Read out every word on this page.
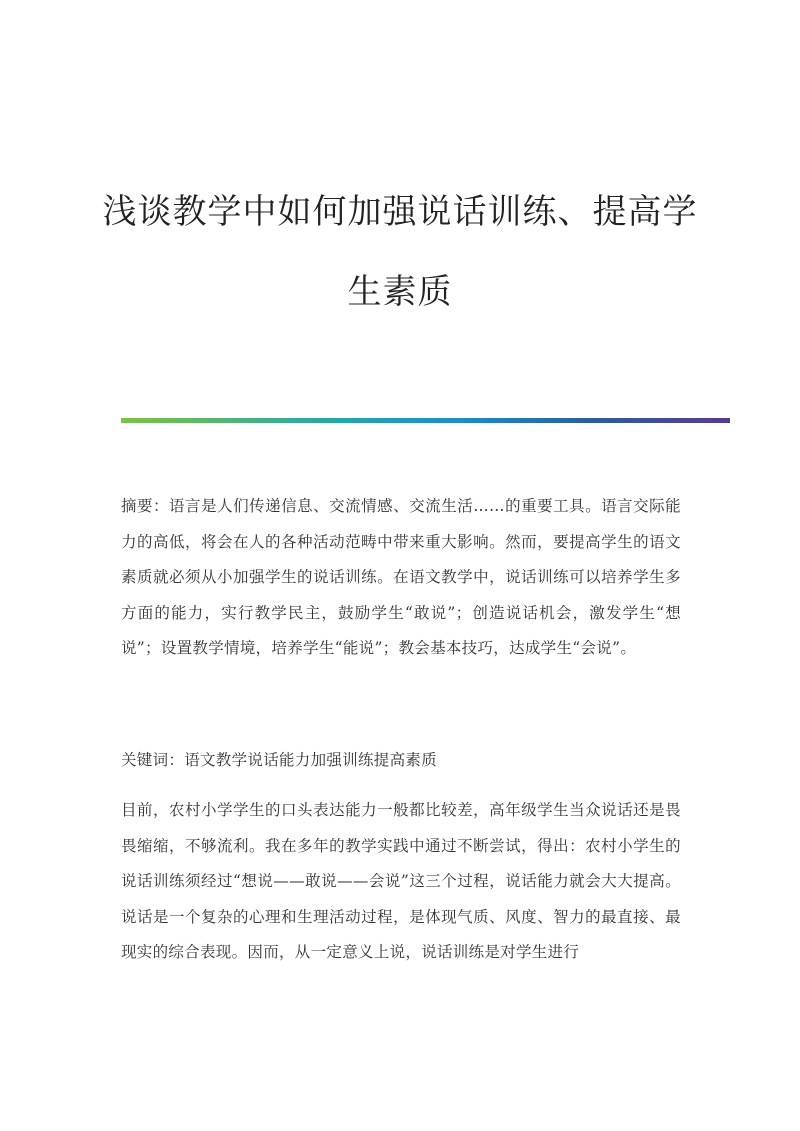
浅谈教学中如何加强说话训练、提高学
生素质

摘要：语言是人们传递信息、交流情感、交流生活……的重要工具。语言交际能力的高低，将会在人的各种活动范畴中带来重大影响。然而，要提高学生的语文素质就必须从小加强学生的说话训练。在语文教学中，说话训练可以培养学生多方面的能力，实行教学民主，鼓励学生“敢说”；创造说话机会，激发学生“想说”；设置教学情境，培养学生“能说”；教会基本技巧，达成学生“会说”。

关键词：语文教学说话能力加强训练提高素质

目前，农村小学学生的口头表达能力一般都比较差，高年级学生当众说话还是畏畏缩缩，不够流利。我在多年的教学实践中通过不断尝试，得出：农村小学生的说话训练须经过“想说——敢说——会说”这三个过程，说话能力就会大大提高。说话是一个复杂的心理和生理活动过程，是体现气质、风度、智力的最直接、最现实的综合表现。因而，从一定意义上说，说话训练是对学生进行
